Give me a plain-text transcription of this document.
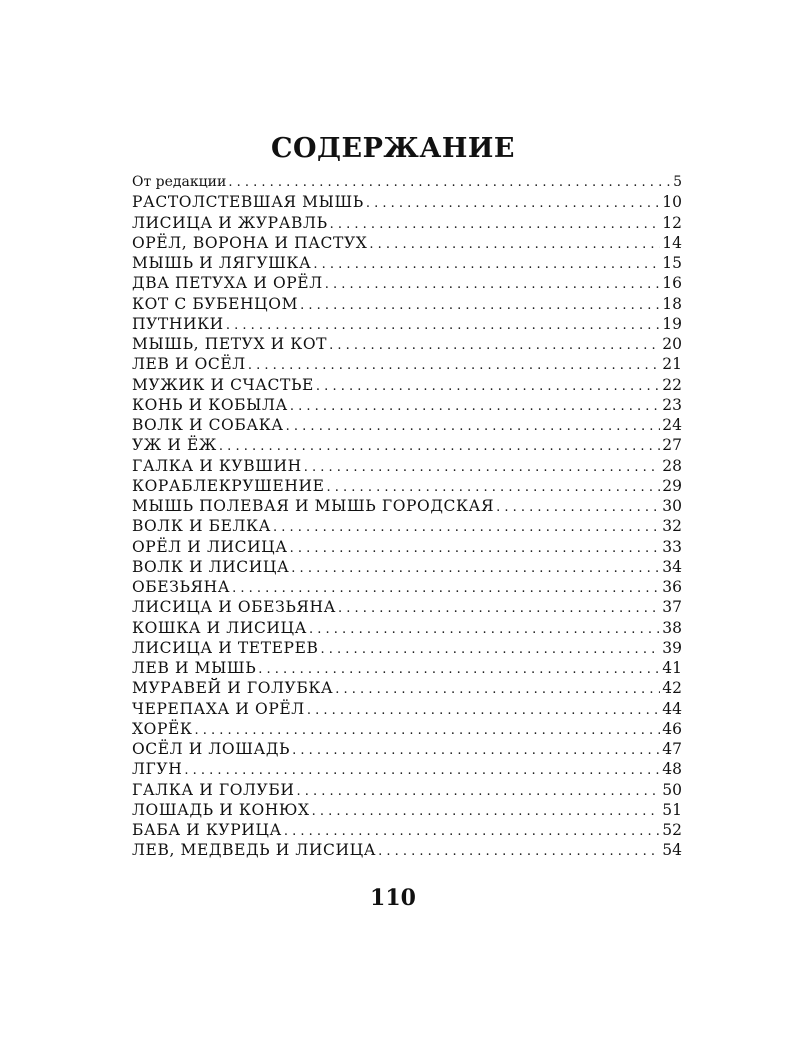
СОДЕРЖАНИЕ
От редакции . . .	5
РАСТОЛСТЕВШАЯ МЫШЬ . . .	10
ЛИСИЦА И ЖУРАВЛЬ . . .	12
ОРЁЛ, ВОРОНА И ПАСТУХ . . .	14
МЫШЬ И ЛЯГУШКА . . .	15
ДВА ПЕТУХА И ОРЁЛ . . .	16
КОТ С БУБЕНЦОМ . . .	18
ПУТНИКИ . . .	19
МЫШЬ, ПЕТУХ И КОТ . . .	20
ЛЕВ И ОСЁЛ . . .	21
МУЖИК И СЧАСТЬЕ . . .	22
КОНЬ И КОБЫЛА . . .	23
ВОЛК И СОБАКА . . .	24
УЖ И ЁЖ . . .	27
ГАЛКА И КУВШИН . . .	28
КОРАБЛЕКРУШЕНИЕ . . .	29
МЫШЬ ПОЛЕВАЯ И МЫШЬ ГОРОДСКАЯ . . .	30
ВОЛК И БЕЛКА . . .	32
ОРЁЛ И ЛИСИЦА . . .	33
ВОЛК И ЛИСИЦА . . .	34
ОБЕЗЬЯНА . . .	36
ЛИСИЦА И ОБЕЗЬЯНА . . .	37
КОШКА И ЛИСИЦА . . .	38
ЛИСИЦА И ТЕТЕРЕВ . . .	39
ЛЕВ И МЫШЬ . . .	41
МУРАВЕЙ И ГОЛУБКА . . .	42
ЧЕРЕПАХА И ОРЁЛ . . .	44
ХОРЁК . . .	46
ОСЁЛ И ЛОШАДЬ . . .	47
ЛГУН . . .	48
ГАЛКА И ГОЛУБИ . . .	50
ЛОШАДЬ И КОНЮХ . . .	51
БАБА И КУРИЦА . . .	52
ЛЕВ, МЕДВЕДЬ И ЛИСИЦА . . .	54
110
